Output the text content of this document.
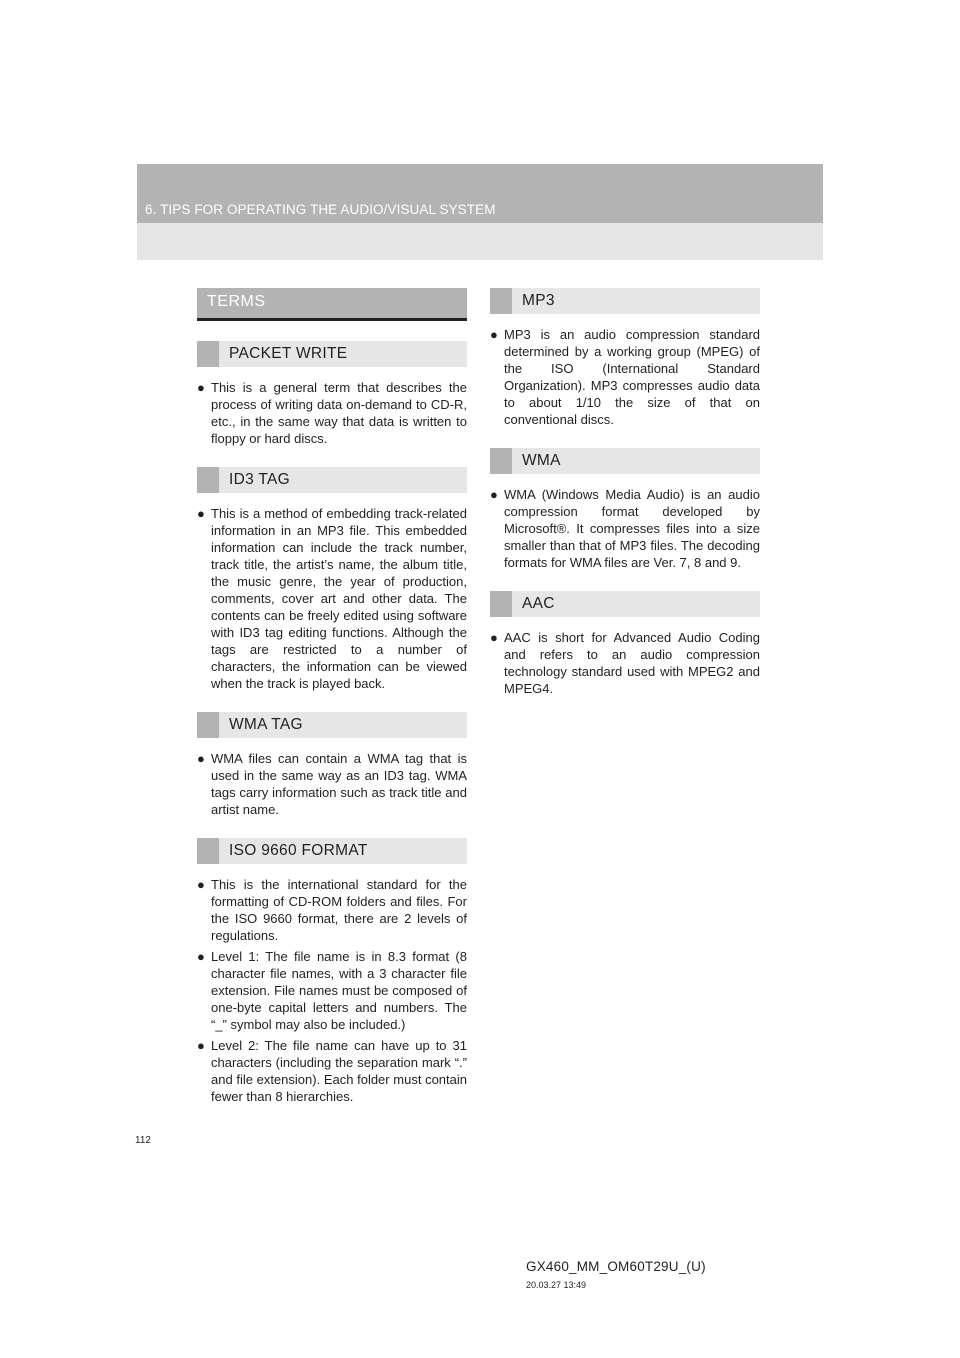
6. TIPS FOR OPERATING THE AUDIO/VISUAL SYSTEM
TERMS
PACKET WRITE
● This is a general term that describes the process of writing data on-demand to CD-R, etc., in the same way that data is written to floppy or hard discs.
ID3 TAG
● This is a method of embedding track-related information in an MP3 file. This embedded information can include the track number, track title, the artist’s name, the album title, the music genre, the year of production, comments, cover art and other data. The contents can be freely edited using software with ID3 tag editing functions. Although the tags are restricted to a number of characters, the information can be viewed when the track is played back.
WMA TAG
● WMA files can contain a WMA tag that is used in the same way as an ID3 tag. WMA tags carry information such as track title and artist name.
ISO 9660 FORMAT
● This is the international standard for the formatting of CD-ROM folders and files. For the ISO 9660 format, there are 2 levels of regulations.
● Level 1: The file name is in 8.3 format (8 character file names, with a 3 character file extension. File names must be composed of one-byte capital letters and numbers. The “_” symbol may also be included.)
● Level 2: The file name can have up to 31 characters (including the separation mark “.” and file extension). Each folder must contain fewer than 8 hierarchies.
MP3
● MP3 is an audio compression standard determined by a working group (MPEG) of the ISO (International Standard Organization). MP3 compresses audio data to about 1/10 the size of that on conventional discs.
WMA
● WMA (Windows Media Audio) is an audio compression format developed by Microsoft®. It compresses files into a size smaller than that of MP3 files. The decoding formats for WMA files are Ver. 7, 8 and 9.
AAC
● AAC is short for Advanced Audio Coding and refers to an audio compression technology standard used with MPEG2 and MPEG4.
112
GX460_MM_OM60T29U_(U)
20.03.27 13:49
